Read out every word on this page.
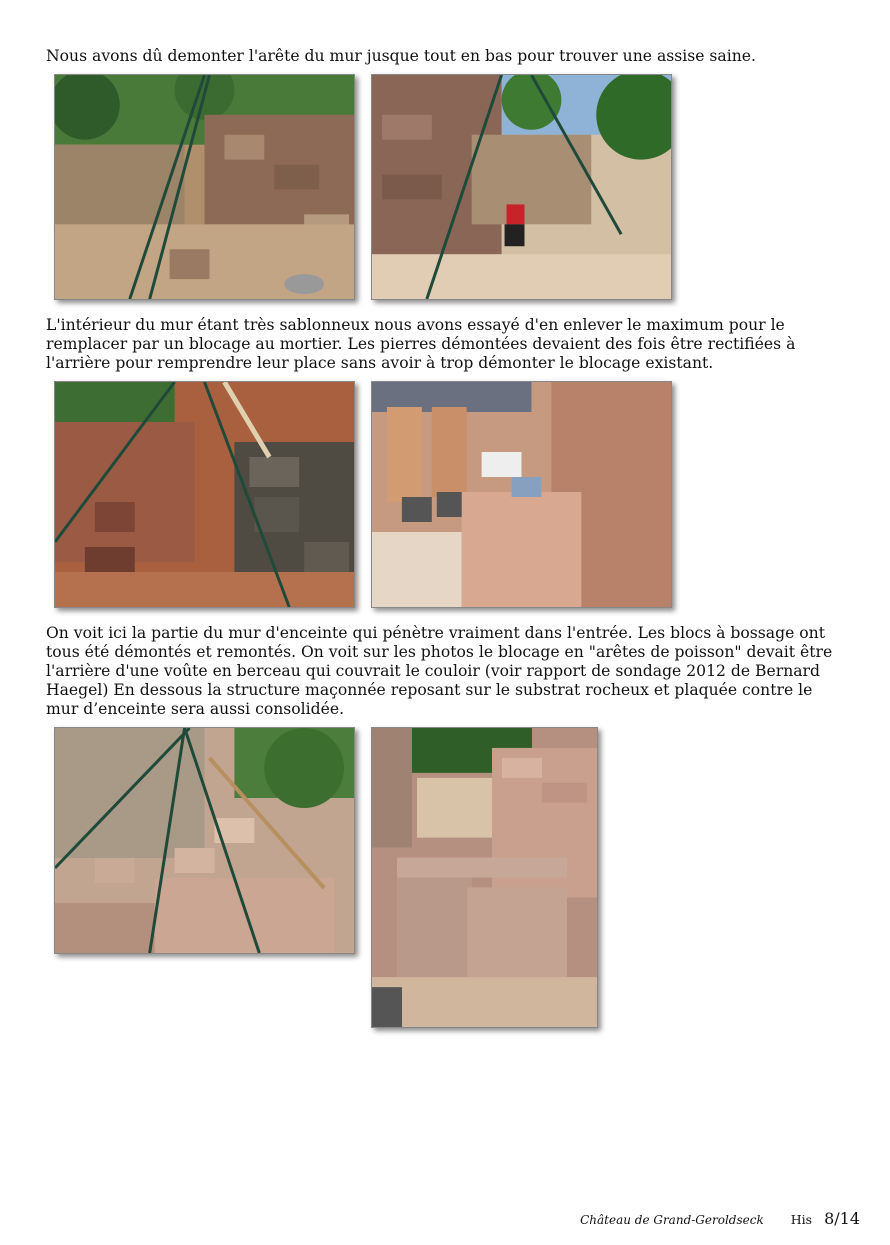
Nous avons dû demonter l'arête du mur jusque tout en bas pour trouver une assise saine.

L'intérieur du mur étant très sablonneux nous avons essayé d'en enlever le maximum pour le remplacer par un blocage au mortier. Les pierres démontées devaient des fois être rectifiées à l'arrière pour remprendre leur place sans avoir à trop démonter le blocage existant.

On voit ici la partie du mur d'enceinte qui pénètre vraiment dans l'entrée. Les blocs à bossage ont tous été démontés et remontés. On voit sur les photos le blocage en "arêtes de poisson" devait être l'arrière d'une voûte en berceau qui couvrait le couloir (voir rapport de sondage 2012 de Bernard Haegel) En dessous la structure maçonnée reposant sur le substrat rocheux et plaquée contre le mur d’enceinte sera aussi consolidée.

Château de Grand-Geroldseck His 8/14
